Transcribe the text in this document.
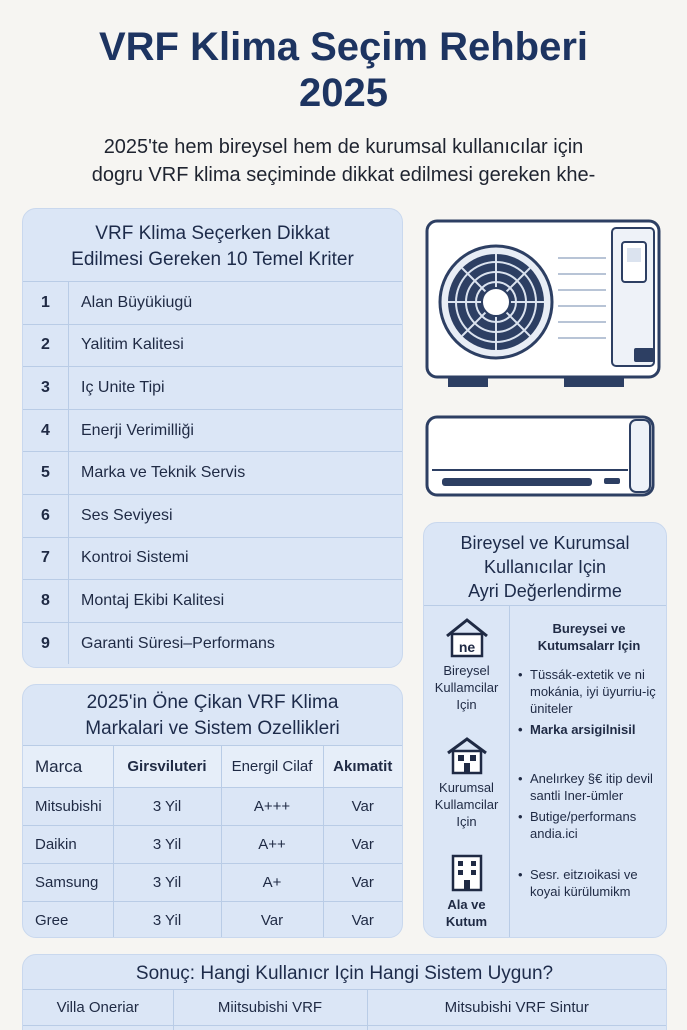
VRF Klima Seçim Rehberi
2025
2025'te hem bireysel hem de kurumsal kullanıcılar için
dogru VRF klima seçiminde dikkat edilmesi gereken khe-
VRF Klima Seçerken Dikkat
Edilmesi Gereken 10 Temel Kriter
1	Alan Büyükiugü
2	Yalitim Kalitesi
3	Iç Unite Tipi
4	Enerji Verimilliği
5	Marka ve Teknik Servis
6	Ses Seviyesi
7	Kontroi Sistemi
8	Montaj Ekibi Kalitesi
9	Garanti Süresi–Performans
Bireysel ve Kurumsal
Kullanıcılar Için
Ayri Değerlendirme
ne
Bireysel Kullamcilar Için
Kurumsal Kullamcilar Için
Ala ve Kutum
Bureysei ve Kutumsalarr Için
• Tüssák-extetik ve ni mokánia, iyi üyurriu-iç üniteler
• Marka arsigilnisil
• Anelırkey §€ itip devil santli Iner-ümler
• Butige/performans andia.ici
• Sesr. eitzıoikasi ve koyai kürülumikm
2025'in Öne Çikan VRF Klima
Markalari ve Sistem Ozellikleri
Marca	Girsviluteri	Energil Cilaf	Akımatit
Mitsubishi	3 Yil	A+++	Var
Daikin	3 Yil	A++	Var
Samsung	3 Yil	A+	Var
Gree	3 Yil	Var	Var
Sonuç: Hangi Kullanıcr Için Hangi Sistem Uygun?
Villa Oneriar	Miitsubishi VRF	Mitsubishi VRF Sintur
